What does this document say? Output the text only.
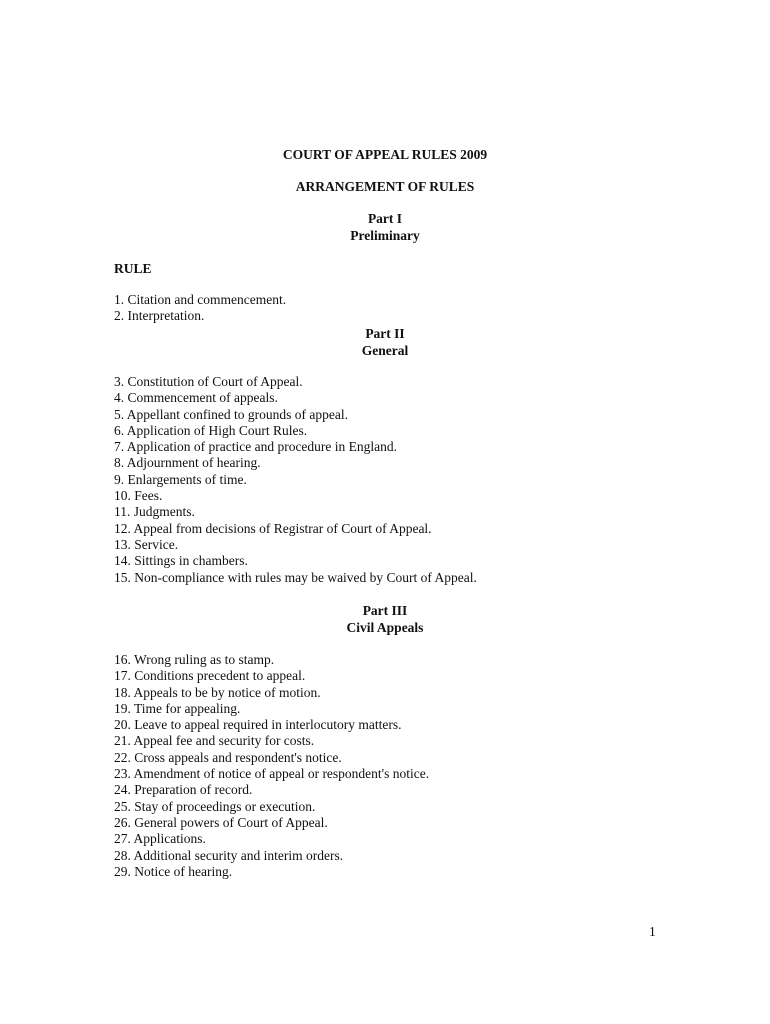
COURT OF APPEAL RULES 2009
ARRANGEMENT OF RULES
Part I
Preliminary
RULE
1. Citation and commencement.
2. Interpretation.
Part II
General
3. Constitution of Court of Appeal.
4. Commencement of appeals.
5. Appellant confined to grounds of appeal.
6. Application of High Court Rules.
7. Application of practice and procedure in England.
8. Adjournment of hearing.
9. Enlargements of time.
10. Fees.
11. Judgments.
12. Appeal from decisions of Registrar of Court of Appeal.
13. Service.
14. Sittings in chambers.
15. Non-compliance with rules may be waived by Court of Appeal.
Part III
Civil Appeals
16. Wrong ruling as to stamp.
17. Conditions precedent to appeal.
18. Appeals to be by notice of motion.
19. Time for appealing.
20. Leave to appeal required in interlocutory matters.
21. Appeal fee and security for costs.
22. Cross appeals and respondent's notice.
23. Amendment of notice of appeal or respondent's notice.
24. Preparation of record.
25. Stay of proceedings or execution.
26. General powers of Court of Appeal.
27. Applications.
28. Additional security and interim orders.
29. Notice of hearing.
1
